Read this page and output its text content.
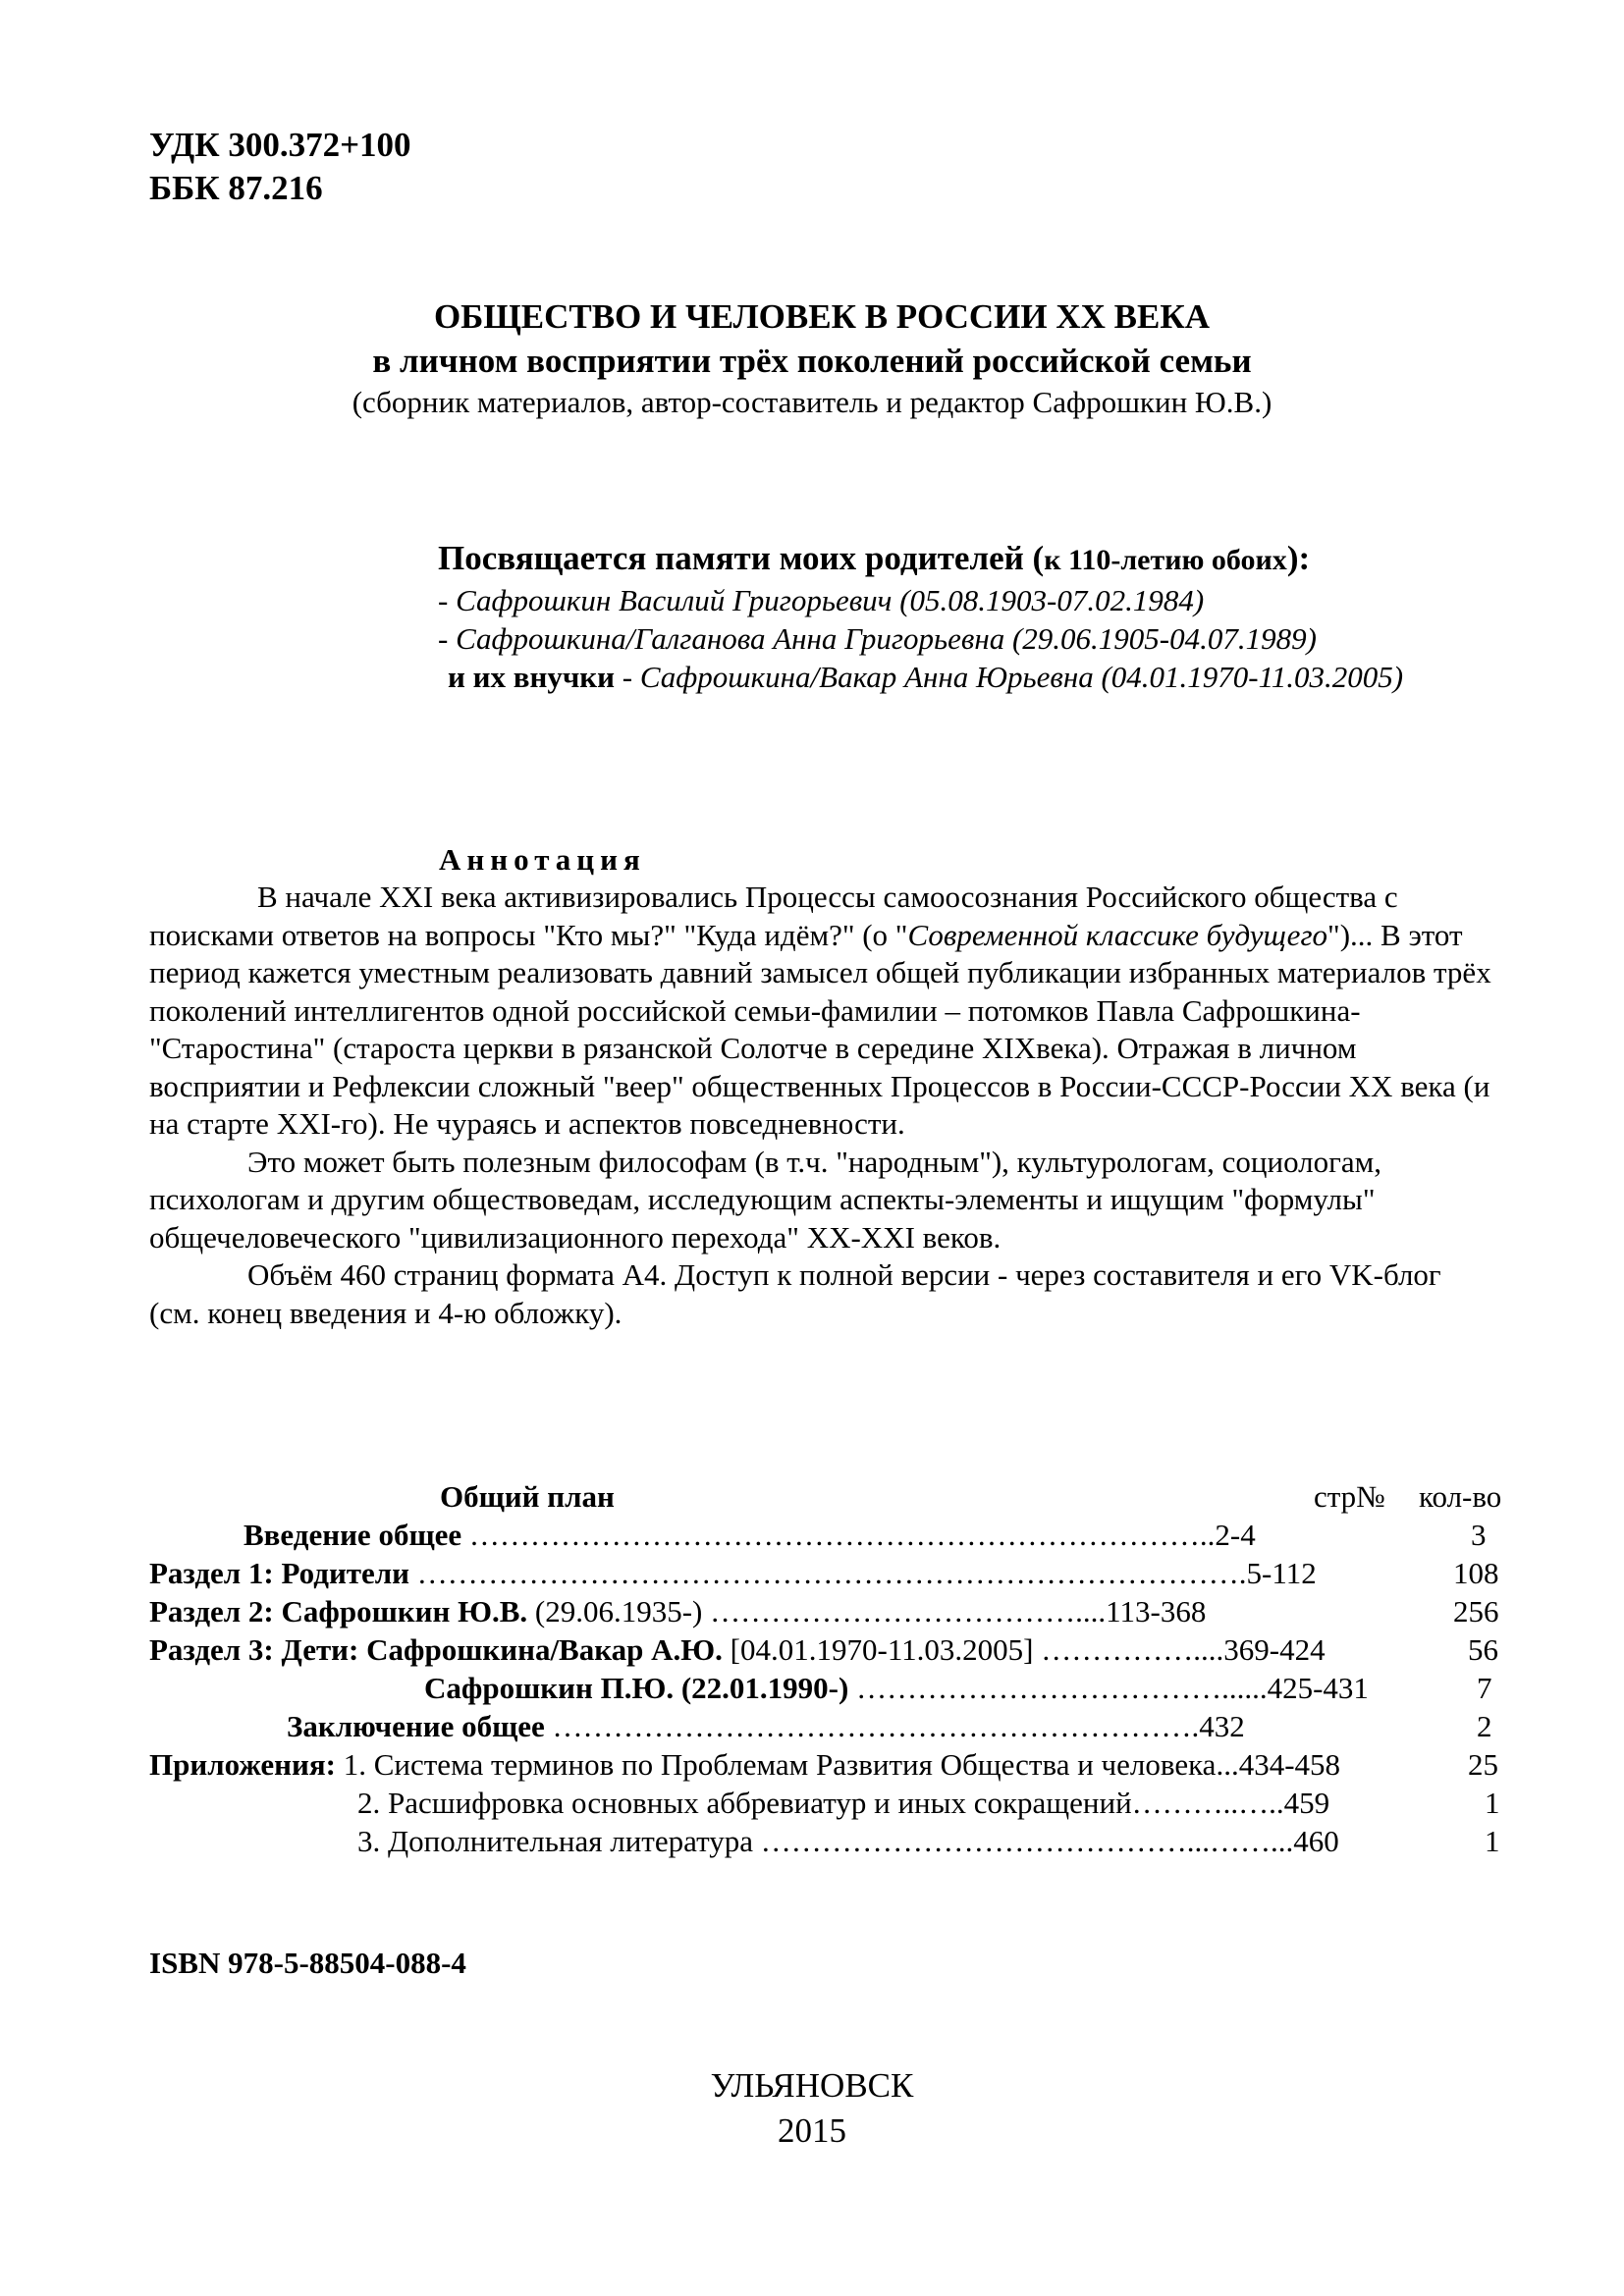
УДК 300.372+100
ББК 87.216
ОБЩЕСТВО И ЧЕЛОВЕК В РОССИИ ХХ ВЕКА
в личном восприятии трёх поколений российской семьи
(сборник материалов, автор-составитель и редактор Сафрошкин Ю.В.)
Посвящается памяти моих родителей (к 110-летию обоих):
- Сафрошкин Василий Григорьевич (05.08.1903-07.02.1984)
- Сафрошкина/Галганова Анна Григорьевна (29.06.1905-04.07.1989)
и их внучки - Сафрошкина/Вакар Анна Юрьевна (04.01.1970-11.03.2005)
Аннотация

В начале XXI века активизировались Процессы самоосознания Российского общества с поисками ответов на вопросы "Кто мы?" "Куда идём?" (о "Современной классике будущего")... В этот период кажется уместным реализовать давний замысел общей публикации избранных материалов трёх поколений интеллигентов одной российской семьи-фамилии – потомков Павла Сафрошкина-"Старостина" (староста церкви в рязанской Солотче в середине XIXвека). Отражая в личном восприятии и Рефлексии сложный "веер" общественных Процессов в России-СССР-России ХХ века (и на старте XXI-го). Не чураясь и аспектов повседневности.

Это может быть полезным философам (в т.ч. "народным"), культурологам, социологам, психологам и другим обществоведам, исследующим аспекты-элементы и ищущим "формулы" общечеловеческого "цивилизационного перехода" XX-XXI веков.

Объём 460 страниц формата А4. Доступ к полной версии - через составителя и его VK-блог (см. конец введения и 4-ю обложку).

Общий план	стр№ кол-во
Введение общее ………………………………………………………………..2-4	3
Раздел 1: Родители ……………………………………………………………………….5-112	108
Раздел 2: Сафрошкин Ю.В. (29.06.1935-) ………………………………....113-368	256
Раздел 3: Дети: Сафрошкина/Вакар А.Ю. [04.01.1970-11.03.2005] ……………....369-424	56
Сафрошкин П.Ю. (22.01.1990-) ………………………………......425-431	7
Заключение общее ……………………………………………………….432	2
Приложения: 1. Система терминов по Проблемам Развития Общества и человека...434-458	25
2. Расшифровка основных аббревиатур и иных сокращений………..…..459	1
3. Дополнительная литература ……………………………………...……...460	1
ISBN 978-5-88504-088-4
УЛЬЯНОВСК
2015
